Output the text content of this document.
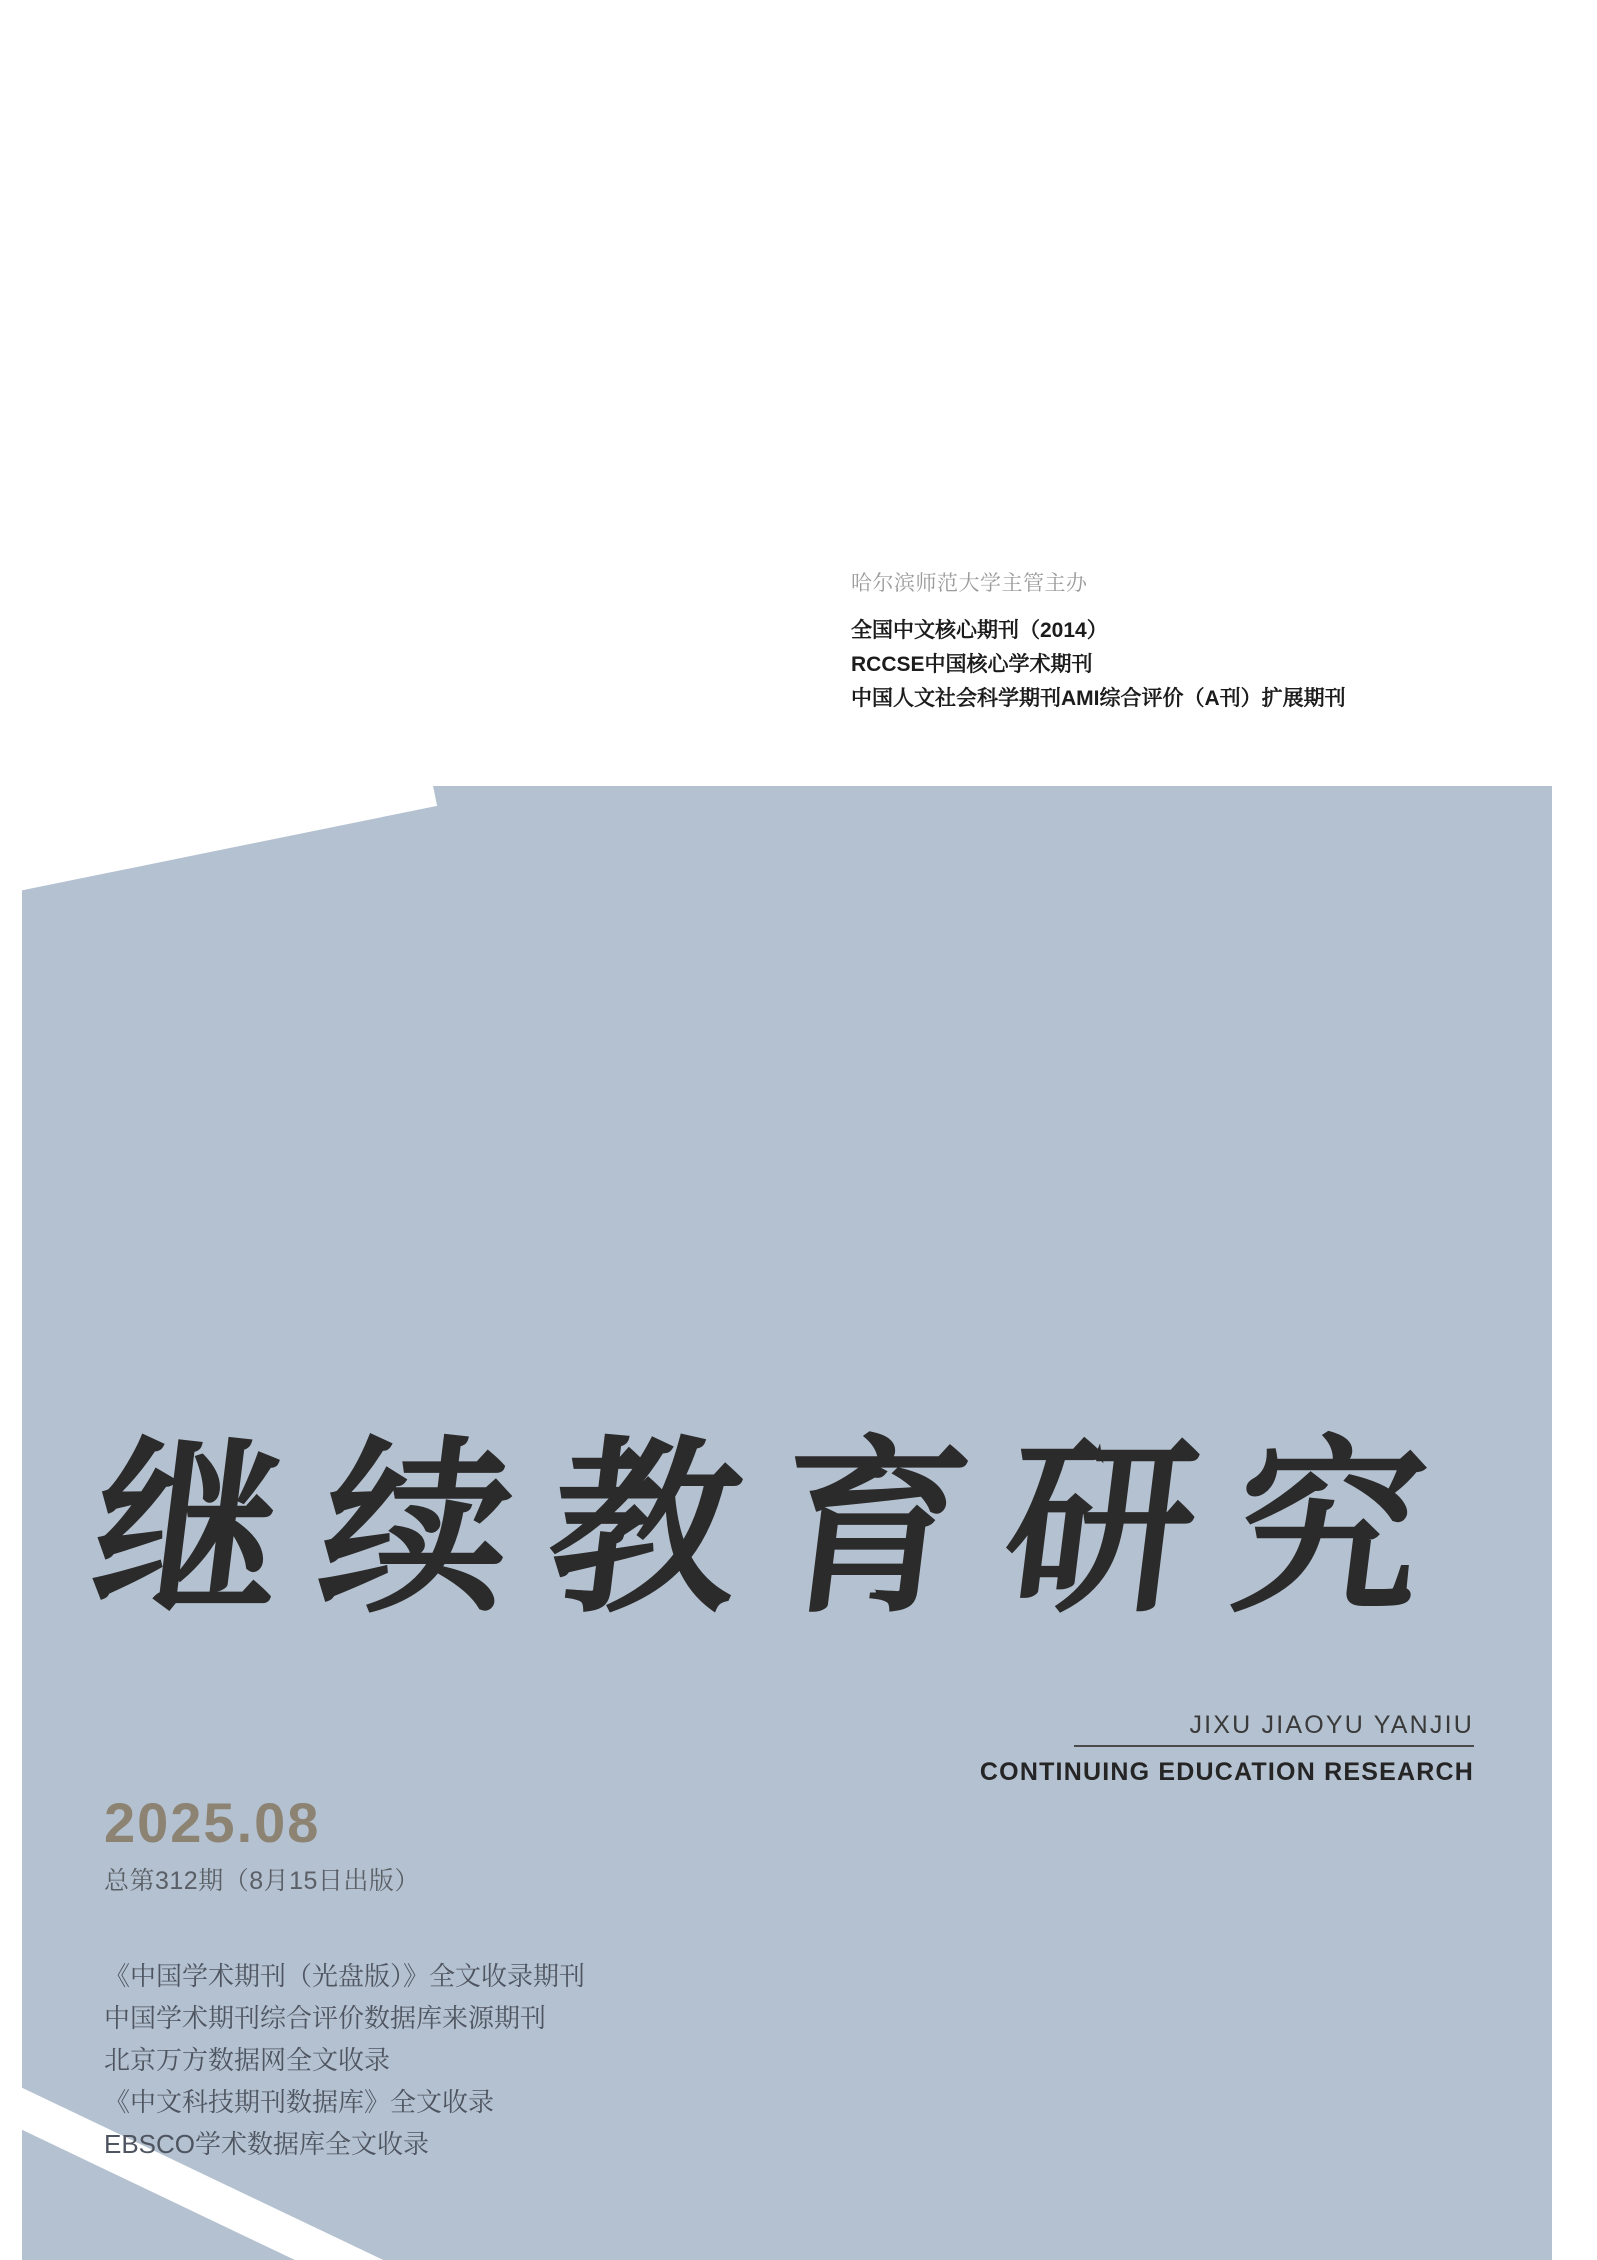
哈尔滨师范大学主管主办
全国中文核心期刊（2014）
RCCSE中国核心学术期刊
中国人文社会科学期刊AMI综合评价（A刊）扩展期刊
继续教育研究
JIXU JIAOYU YANJIU
CONTINUING EDUCATION RESEARCH
2025.08
总第312期（8月15日出版）
《中国学术期刊（光盘版）》全文收录期刊
中国学术期刊综合评价数据库来源期刊
北京万方数据网全文收录
《中文科技期刊数据库》全文收录
EBSCO学术数据库全文收录
